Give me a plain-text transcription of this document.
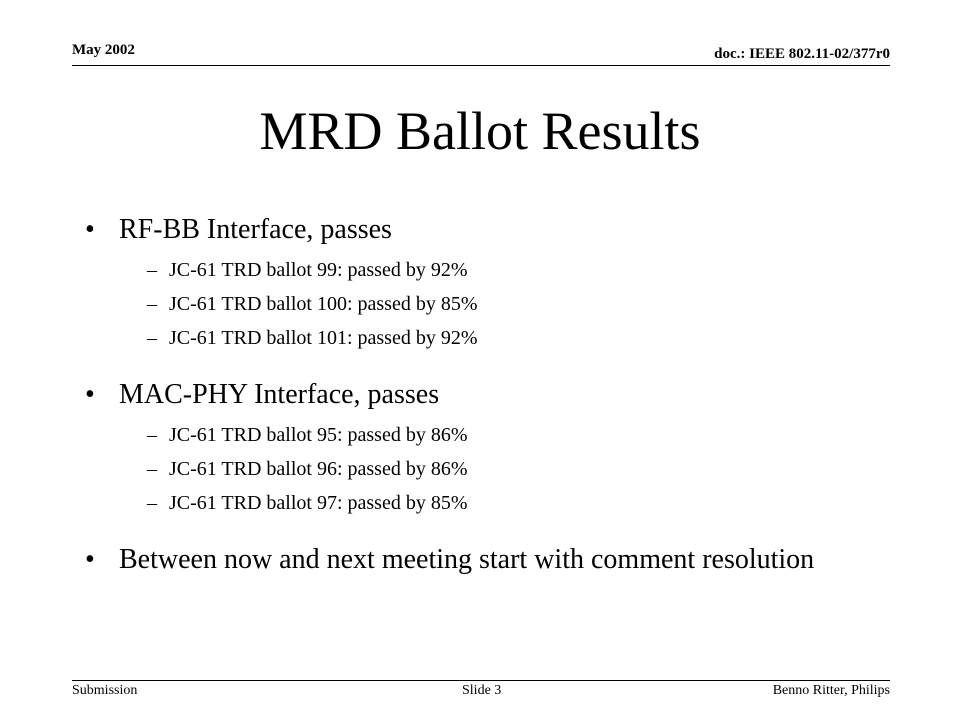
May 2002	doc.: IEEE 802.11-02/377r0
MRD Ballot Results
• RF-BB Interface, passes
– JC-61 TRD ballot 99: passed by 92%
– JC-61 TRD ballot 100: passed by 85%
– JC-61 TRD ballot 101: passed by 92%
• MAC-PHY Interface, passes
– JC-61 TRD ballot 95: passed by 86%
– JC-61 TRD ballot 96: passed by 86%
– JC-61 TRD ballot 97: passed by 85%
• Between now and next meeting start with comment resolution
Submission	Slide 3	Benno Ritter, Philips
